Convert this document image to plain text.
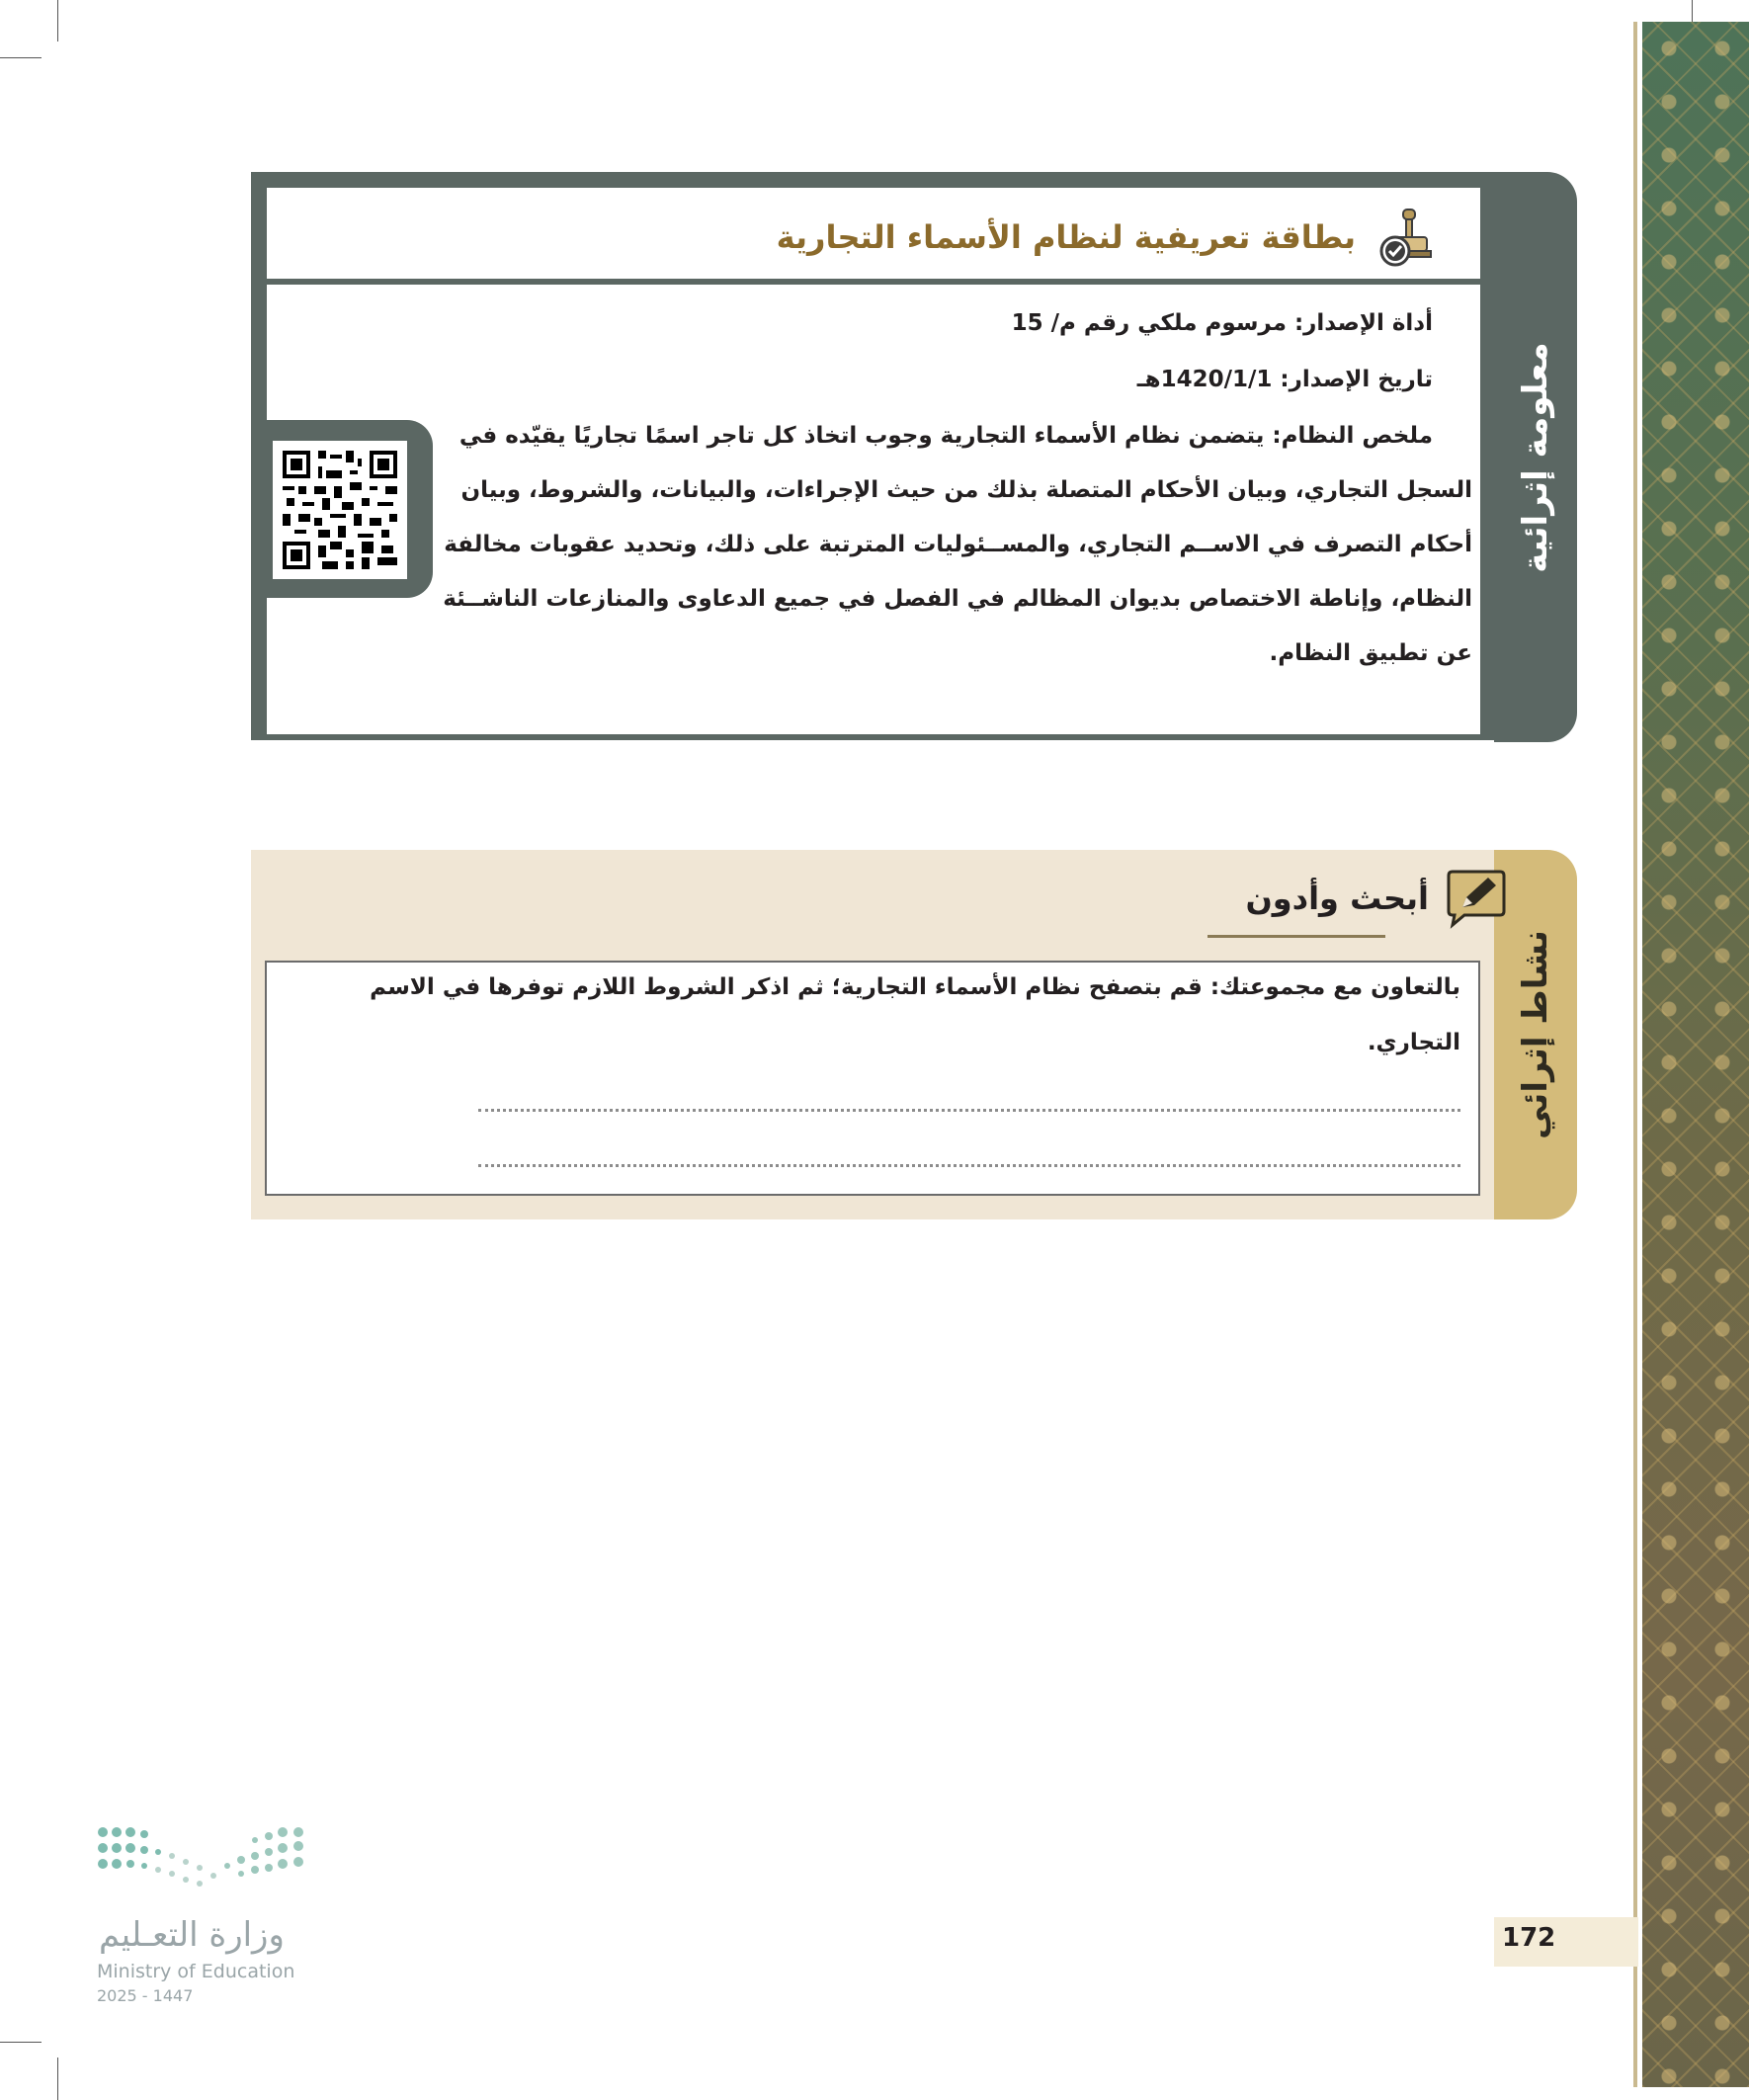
معلومة إثرائية
بطاقة تعريفية لنظام الأسماء التجارية
أداة الإصدار: مرسوم ملكي رقم م/ 15
تاريخ الإصدار: 1420/1/1هـ
ملخص النظام: يتضمن نظام الأسماء التجارية وجوب اتخاذ كل تاجر اسمًا تجاريًا يقيّده في
السجل التجاري، وبيان الأحكام المتصلة بذلك من حيث الإجراءات، والبيانات، والشروط، وبيان
أحكام التصرف في الاســم التجاري، والمســئوليات المترتبة على ذلك، وتحديد عقوبات مخالفة
النظام، وإناطة الاختصاص بديوان المظالم في الفصل في جميع الدعاوى والمنازعات الناشــئة
عن تطبيق النظام.
نشاط إثرائي
أبحث وأدون
بالتعاون مع مجموعتك: قم بتصفح نظام الأسماء التجارية؛ ثم اذكر الشروط اللازم توفرها في الاسم
التجاري.
وزارة التعـليم
Ministry of Education
2025 - 1447
172
